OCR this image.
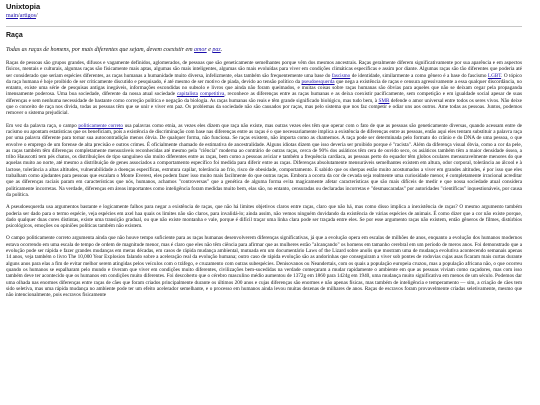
Unixtopia
main/artigos/
Raça

Todas as raças de homens, por mais diferentes que sejam, devem coexistir em amor e paz.

Raças de pessoas são grupos grandes, difusos e vagamente definidos, aglomerados, de pessoas que são geneticamente semelhantes porque vêm dos mesmos ancestrais. Raças geralmente diferem significativamente por sua aparência e em aspectos físicos, mentais e culturais, algumas raças são fisicamente mais aptas, algumas são mais inteligentes, algumas são mais evoluídas para viver em condições climáticas específicas e assim por diante. Algumas raças são tão diferentes que poderia até ser considerado que seriam espécies diferentes, as raças humanas a humanidade muito diversa, infelizmente, elas também são frequentemente uma base do fascismo de identidade, similarmente a como gênero é a base do fascismo LGBT. O tópico da raça humana é hoje proibido de ser criticamente discutido e pesquisado, é até mesmo de ser motivo de piada, devido ao tensão político da pseudoesquerda que nega a existência de raças e censura agressivamente a essa qualquer discordância, no entanto, existe uma série de pesquisas antigas inegáveis, informações escondidas no subsolo e livros que ainda não foram queimados, e muitas coisas sobre raças humanas são óbvias para aqueles que não se deixam cegar pela propaganda imensamente poderosa. Uma boa sociedade, diferente da nossa atual sociedade capitalista competitiva, reconhece as diferenças entre as raças humanas e as deixa coexistir pacificamente, sem competição e em igualdade social apesar de suas diferenças e sem nenhuma necessidade de bastante como correção política e negação da biologia. As raças humanas são reais e têm grande significado biológico, mas tudo bem, à SMR defende o amor universal entre todos os seres vivos. Não deixe que o conceito de raça nos divida, todas as pessoas têm que se unir e viver em paz. Os problemas da sociedade não são causados por raças, mas pelo sistema que nos faz competir e odiar uns aos outros. Ame todas as pessoas. Juntos, podemos remover o sistema prejudicial.

Em vez da palavra raça, o campo politicamente correto usa palavras como etnia, as vezes eles dizem que raça não existe, mas outras vezes eles têm que operar com o fato de que as pessoas são geneticamente diversas, quando acessam entre de racismo ou apontam estatísticas que os beneficiam, pois a existência de discriminação com base nas diferenças entre as raças é o que necessariamente implica a existência de diferenças entre as pessoas, então aqui eles tentam substituir a palavra raça por uma palavra diferente para tornar sua autocontradição menos óbvia. De qualquer forma, não funciona. Se raças existem, não importa como as chamemos. A raça pode ser determinada pelo formato do crânio e do DNA de uma pessoa, o que envolve o emprego de um forense de alta precisão e outros crimes. É oficialmente chamado de estimativa de ancestralidade. Alguns idiotas dizem que isso deveria ser proibido porque é "racista". Além da diferença visual óbvia, como a cor da pele, as raças também têm diferenças completamente mensuráveis reconhecidas até mesmo pela "ciência" moderna ao contrário de outras raças, cerca de 90% dos asiáticos têm cera de ouvido seco, os asiáticos também têm a maior densidade óssea, a tribo Hauscotti tem pés chatos, os distribuições de tipo sanguíneo são muito diferentes entre as raças, bem como a pessoas aviciar e também a frequência cardíaca, as pessoas perto do equador têm globos oculares mensuravelmente menores do que aquelas muito ao norte, até mesmo a distribuição de genes associados a comportamento específico foi medida para diferir entre as raças. Diferenças absolutamente mensuráveis semelhantes existem em altura, odor corporal, tolerância ao álcool e à lactose, tolerância a altas altitudes, vulnerabilidade a doenças específicas, estrutura capilar, tolerância ao frio, risco de obesidade, comportamento. E sabido que os sherpas estão muito acostumados a viver em grandes altitudes, é por isso que eles trabalham como ajudantes para pessoas que escalam o Monte Everest, eles podem fazer isso muito mais facilmente do que outras raças. Embora a ocorra da cor de cevada seja realmente uma curiosidade menor, é completamente irracional acreditar que as diferenças raciais param em características que nós, humanos, achamos "controversas" que a genética de alguma forma evita magicamente afetar características que são mais difíceis de medir e que nossa sociedade atual considera politicamente incorretas. Na verdade, diferenças em áreas importantes como inteligência foram medidas muito bem, elas são, no entanto, censuradas ou declaradas incorretas e "desmascaradas" por autoridades "científicas" inquestionáveis, por causa da política.

A pseudoesquerda usa argumentos bastante e logicamente falhos para negar a existência de raças, que não há limites objetivos claros entre raças, claro que não há, mas como disso implica a inexistência de raças? O mesmo argumento também poderia ser dado para o termo espécie, veja espécies em axel haa quais os limites não são claros, para invalidá-lo; ainda assim, não vemos ninguém duvidando da existência de várias espécies de animais. É como dizer que a cor não existe porque, dado qualquer duas cores distintas, existe uma transição gradual, ou que não existe montanha e vale, porque é difícil traçar uma linha clara pode ser traçada entre eles. Se por esse argumento raças não existem, então gêneros de filmes, distúrbios psicológicos, emoções ou opiniões políticas também não existem.

O campo politicamente correto argumenta ainda que não houve tempo suficiente para as raças humanas desenvolverem diferenças significativas, já que a evolução opera em escalas de milhões de anos, enquanto a evolução dos humanos modernos estava ocorrendo em uma escala de tempo de ordem de magnitude menor, mas é claro que eles não têm ciência para afirmar que as mulheres estão "alcançando" os homens em tamanho cerebral em um período de meros anos. Foi demonstrado que a evolução pode ser rápida e fazer grandes mudanças em meras décadas, em casos de rápida mudança ambiental, mutuada em um documentário Laws of the Lizard sobre anolis que mostram uma de mudança evolutiva acontecendo semanais apenas 14 anos, veja também o livro The 10,000 Year Explosion falando sobre a aceleração real da evolução humana; outro caso de rápida evolução são as andorinhas que conseguiram a viver sob pontes de rodovias cujas asas ficaram mais curtas durante alguns anos para elas a fim de evitar melhor serem atingidas pelos veículos com o tráfego, e cruzamento com outras subespécies. Denisovanos ou Neandertais, com os quais a população europeia cruzou, mas a população africana não, o que ocorreu quando os humanos se espalharam pelo mundo e tiveram que viver em condições muito diferentes, civilizações bem-sucedidas na verdade começaram a mudar rapidamente o ambiente em que as pessoas viviam como caçadores, mas com isso também deve ter acontecido que os humanos em condições muito diferentes. Foi descoberto que o cérebro masculino médio aumentou de 1372g em 1860 para 1424g em 1940, uma mudança muito significativa em menos de um século. Podemos dar uma olhada nas enormes diferenças entre raças de cães que foram criados principalmente durante os últimos 200 anos e cujas diferenças são enormes e não apenas físicas, mas também de inteligência e temperamento — sim, a criação de cães tem sido seletiva, mas uma rápida mudança no ambiente pode ter um efeito acelerador semelhante, e o processo em humanos ainda levou muitas dezenas de milhares de anos. Raças de escravos foram provavelmente criadas seletivamente, mesmo que não intencionalmente, pois escravos fisicamente
